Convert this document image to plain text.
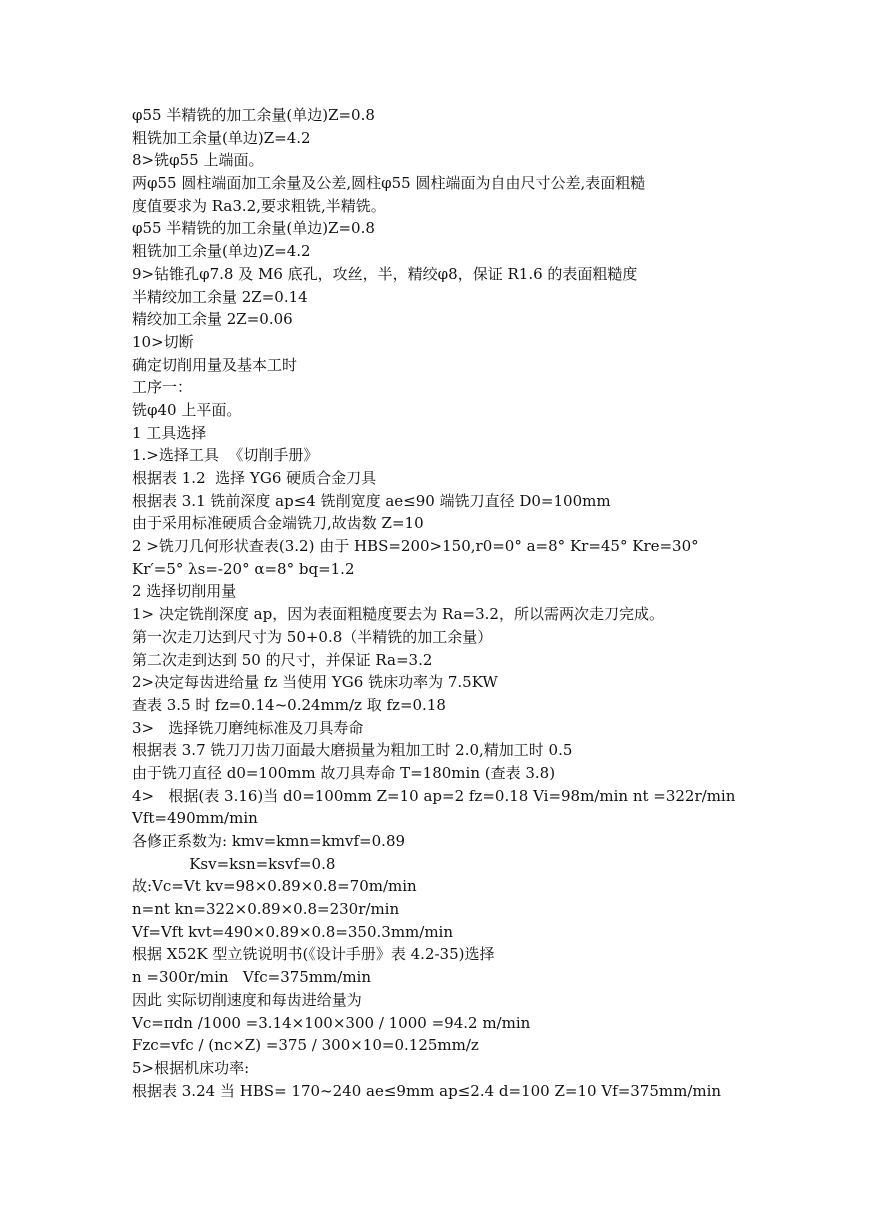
φ55 半精铣的加工余量(单边)Z=0.8
粗铣加工余量(单边)Z=4.2
8>铣φ55 上端面。
两φ55 圆柱端面加工余量及公差,圆柱φ55 圆柱端面为自由尺寸公差,表面粗糙
度值要求为 Ra3.2,要求粗铣,半精铣。
φ55 半精铣的加工余量(单边)Z=0.8
粗铣加工余量(单边)Z=4.2
9>钻锥孔φ7.8 及 M6 底孔，攻丝，半，精绞φ8，保证 R1.6 的表面粗糙度
半精绞加工余量 2Z=0.14
精绞加工余量 2Z=0.06
10>切断
确定切削用量及基本工时
工序一：
铣φ40 上平面。
1 工具选择
1.>选择工具  《切削手册》
根据表 1.2  选择 YG6 硬质合金刀具
根据表 3.1 铣前深度 ap≤4 铣削宽度 ae≤90 端铣刀直径 D0=100mm
由于采用标准硬质合金端铣刀,故齿数 Z=10
2 >铣刀几何形状查表(3.2) 由于 HBS=200>150,r0=0° a=8° Kr=45° Kre=30°
Kr′=5° λs=-20° α=8° bq=1.2
2 选择切削用量
1> 决定铣削深度 ap，因为表面粗糙度要去为 Ra=3.2，所以需两次走刀完成。
第一次走刀达到尺寸为 50+0.8（半精铣的加工余量）
第二次走到达到 50 的尺寸，并保证 Ra=3.2
2>决定每齿进给量 fz 当使用 YG6 铣床功率为 7.5KW
查表 3.5 时 fz=0.14~0.24mm/z 取 fz=0.18
3>   选择铣刀磨纯标准及刀具寿命
根据表 3.7 铣刀刀齿刀面最大磨损量为粗加工时 2.0,精加工时 0.5
由于铣刀直径 d0=100mm 故刀具寿命 T=180min (查表 3.8)
4>   根据(表 3.16)当 d0=100mm Z=10 ap=2 fz=0.18 Vi=98m/min nt =322r/min
Vft=490mm/min
各修正系数为: kmv=kmn=kmvf=0.89
Ksv=ksn=ksvf=0.8
故:Vc=Vt kv=98×0.89×0.8=70m/min
n=nt kn=322×0.89×0.8=230r/min
Vf=Vft kvt=490×0.89×0.8=350.3mm/min
根据 X52K 型立铣说明书(《设计手册》表 4.2-35)选择
n =300r/min   Vfc=375mm/min
因此 实际切削速度和每齿进给量为
Vc=πdn /1000 =3.14×100×300 / 1000 =94.2 m/min
Fzc=vfc / (nc×Z) =375 / 300×10=0.125mm/z
5>根据机床功率:
根据表 3.24 当 HBS= 170~240 ae≤9mm ap≤2.4 d=100 Z=10 Vf=375mm/min
